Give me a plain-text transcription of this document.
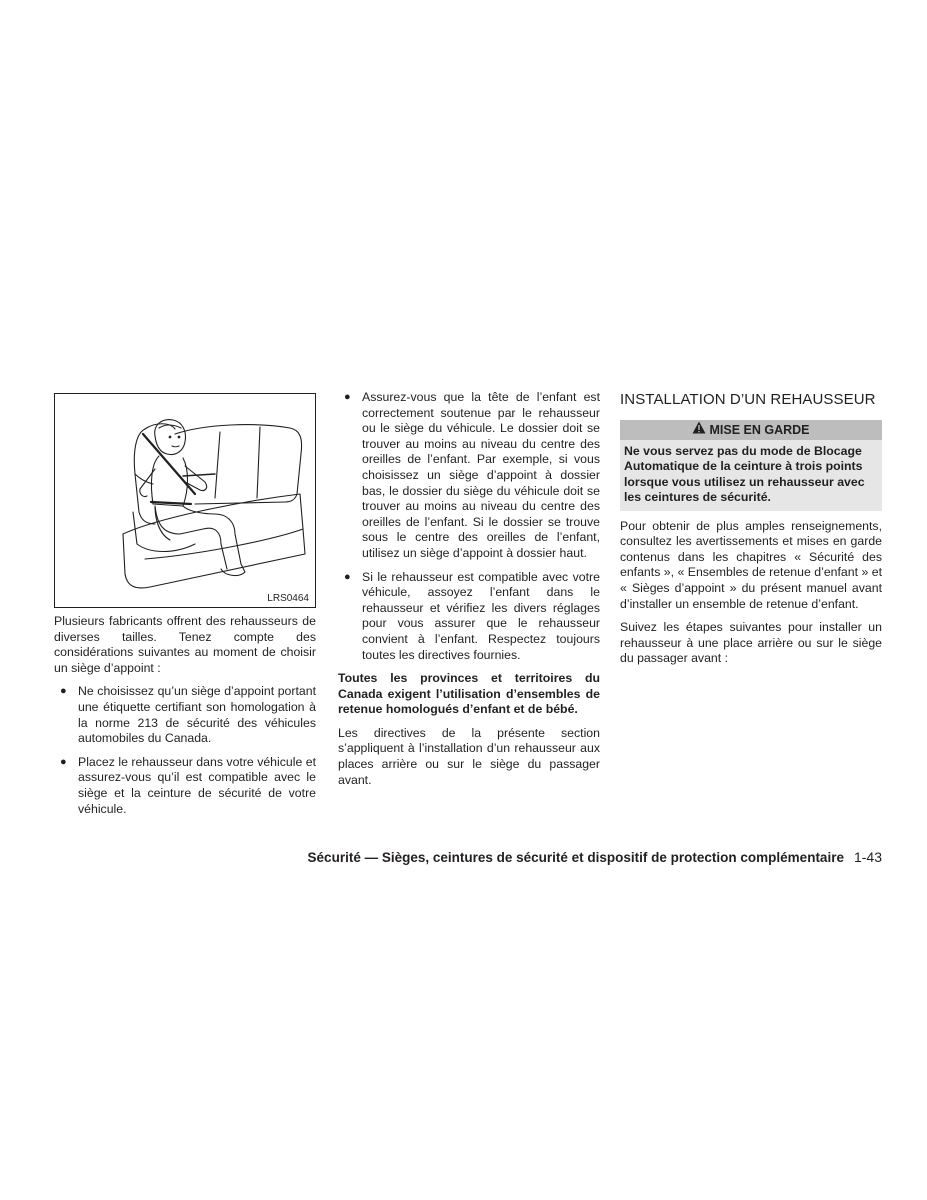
LRS0464

Plusieurs fabricants offrent des rehausseurs de diverses tailles. Tenez compte des considérations suivantes au moment de choisir un siège d’appoint :

● Ne choisissez qu’un siège d’appoint portant une étiquette certifiant son homologation à la norme 213 de sécurité des véhicules automobiles du Canada.
● Placez le rehausseur dans votre véhicule et assurez-vous qu’il est compatible avec le siège et la ceinture de sécurité de votre véhicule.
● Assurez-vous que la tête de l’enfant est correctement soutenue par le rehausseur ou le siège du véhicule. Le dossier doit se trouver au moins au niveau du centre des oreilles de l’enfant. Par exemple, si vous choisissez un siège d’appoint à dossier bas, le dossier du siège du véhicule doit se trouver au moins au niveau du centre des oreilles de l’enfant. Si le dossier se trouve sous le centre des oreilles de l’enfant, utilisez un siège d’appoint à dossier haut.
● Si le rehausseur est compatible avec votre véhicule, assoyez l’enfant dans le rehausseur et vérifiez les divers réglages pour vous assurer que le rehausseur convient à l’enfant. Respectez toujours toutes les directives fournies.

Toutes les provinces et territoires du Canada exigent l’utilisation d’ensembles de retenue homologués d’enfant et de bébé.

Les directives de la présente section s’appliquent à l’installation d’un rehausseur aux places arrière ou sur le siège du passager avant.

INSTALLATION D’UN REHAUSSEUR
MISE EN GARDE
Ne vous servez pas du mode de Blocage Automatique de la ceinture à trois points lorsque vous utilisez un rehausseur avec les ceintures de sécurité.

Pour obtenir de plus amples renseignements, consultez les avertissements et mises en garde contenus dans les chapitres « Sécurité des enfants », « Ensembles de retenue d’enfant » et « Sièges d’appoint » du présent manuel avant d’installer un ensemble de retenue d’enfant.

Suivez les étapes suivantes pour installer un rehausseur à une place arrière ou sur le siège du passager avant :

Sécurité — Sièges, ceintures de sécurité et dispositif de protection complémentaire 1-43
